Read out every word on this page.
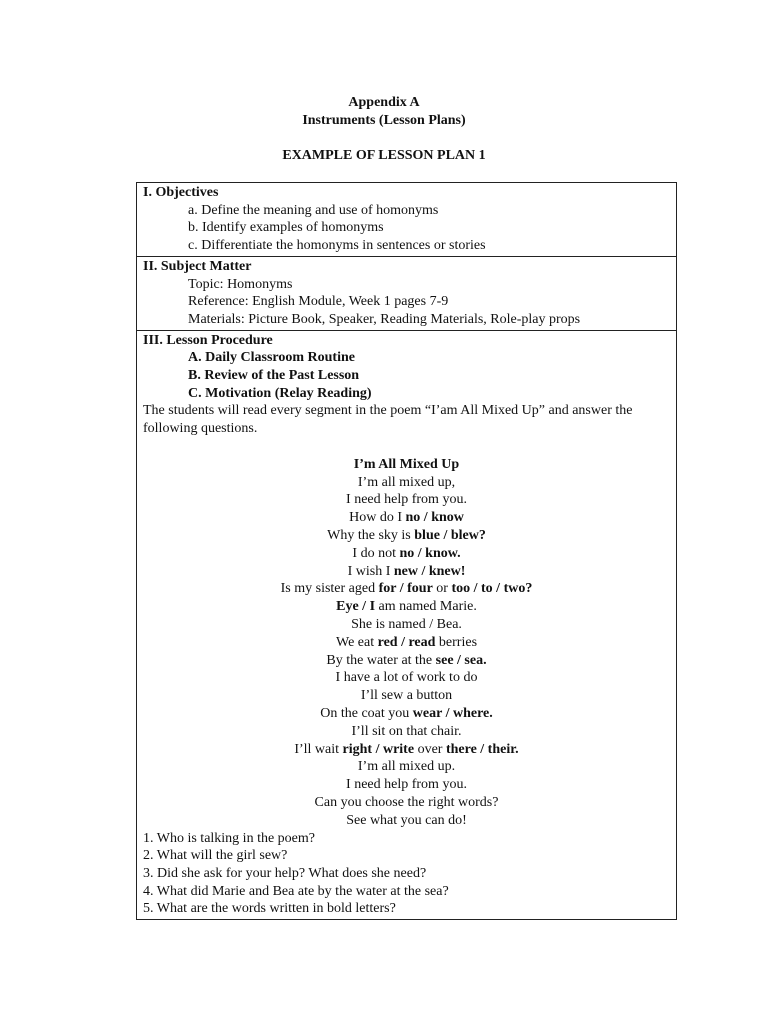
Appendix A
Instruments (Lesson Plans)
EXAMPLE OF LESSON PLAN 1
I. Objectives
a. Define the meaning and use of homonyms
b. Identify examples of homonyms
c. Differentiate the homonyms in sentences or stories
II. Subject Matter
Topic: Homonyms
Reference: English Module, Week 1 pages 7-9
Materials: Picture Book, Speaker, Reading Materials, Role-play props
III. Lesson Procedure
A. Daily Classroom Routine
B. Review of the Past Lesson
C. Motivation (Relay Reading)
The students will read every segment in the poem “I’am All Mixed Up” and answer the following questions.
I’m All Mixed Up
I’m all mixed up,
I need help from you.
How do I no / know
Why the sky is blue / blew?
I do not no / know.
I wish I new / knew!
Is my sister aged for / four or too / to / two?
Eye / I am named Marie.
She is named / Bea.
We eat red / read berries
By the water at the see / sea.
I have a lot of work to do
I’ll sew a button
On the coat you wear / where.
I’ll sit on that chair.
I’ll wait right / write over there / their.
I’m all mixed up.
I need help from you.
Can you choose the right words?
See what you can do!
1. Who is talking in the poem?
2. What will the girl sew?
3. Did she ask for your help? What does she need?
4. What did Marie and Bea ate by the water at the sea?
5. What are the words written in bold letters?
